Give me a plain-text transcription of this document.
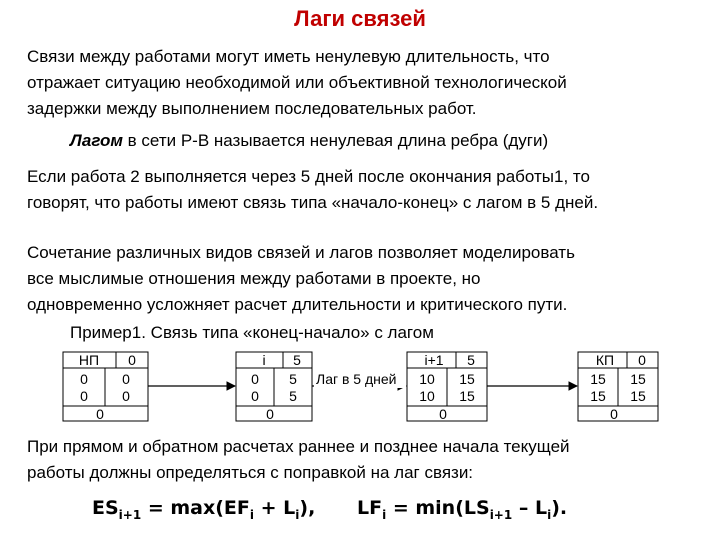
Лаги связей
Связи между работами могут иметь ненулевую длительность, что
отражает ситуацию необходимой или объективной технологической
задержки между выполнением последовательных работ.
Лагом в сети P-B называется ненулевая длина ребра (дуги)
Если работа 2 выполняется через 5 дней после окончания работы1, то
говорят, что работы имеют связь типа «начало-конец» с лагом в 5 дней.
Сочетание различных видов связей и лагов позволяет моделировать
все мыслимые отношения между работами в проекте, но
одновременно усложняет расчет длительности и критического пути.
Пример1. Связь типа «конец-начало» с лагом
НП 0
0 0
0 0
0
i 5
0 5
0 5
0
i+1 5
10 15
10 15
0
КП 0
15 15
15 15
0
Лаг в 5 дней
При прямом и обратном расчетах раннее и позднее начала текущей
работы должны определяться с поправкой на лаг связи:
$ES_{i+1} = \max(EF_i + L_i)$, $LF_i = \min(LS_{i+1} - L_i)$.
